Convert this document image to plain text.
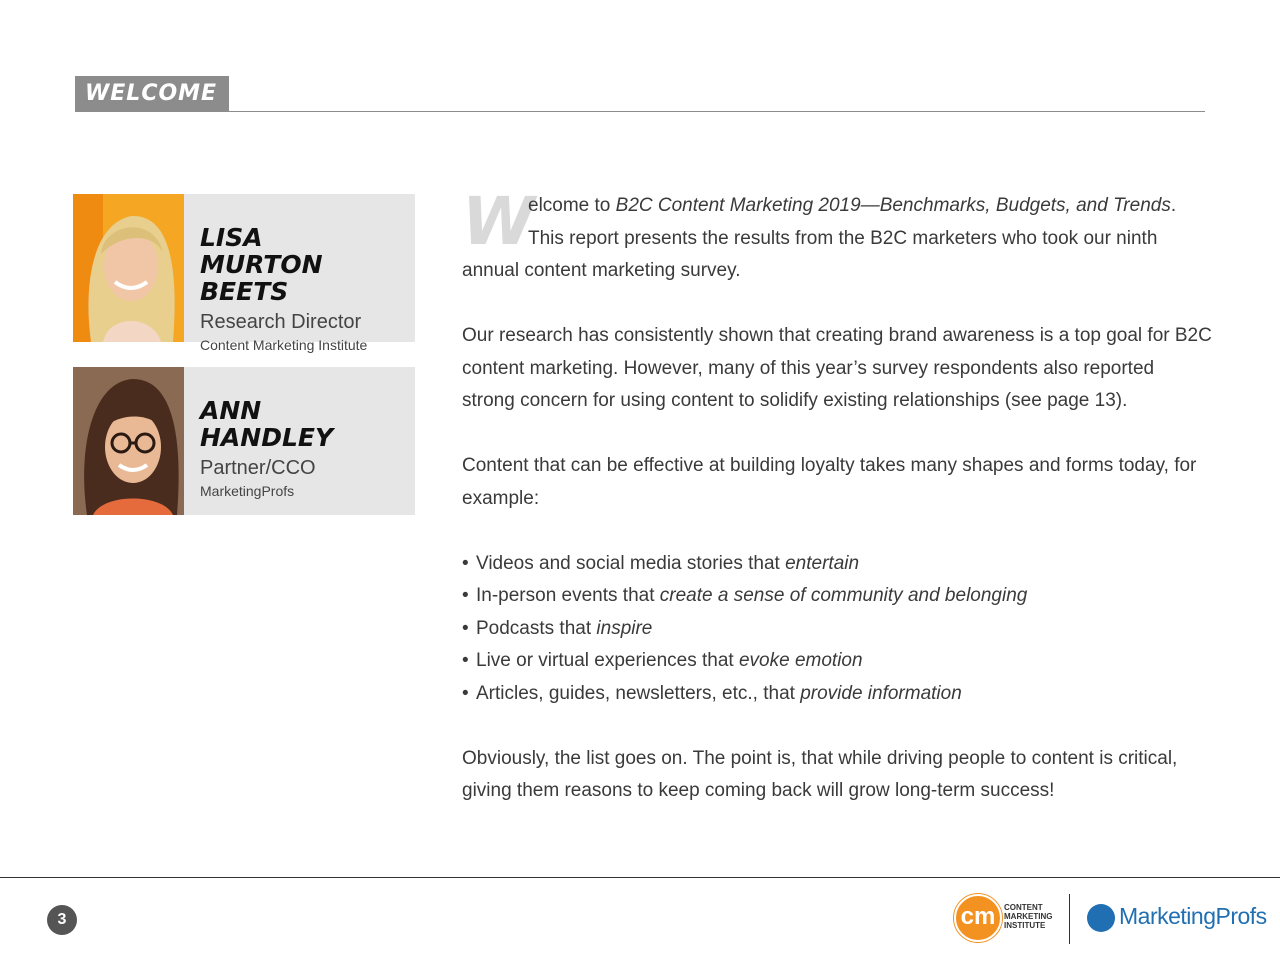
WELCOME
LISA
MURTON BEETS
Research Director
Content Marketing Institute
ANN
HANDLEY
Partner/CCO
MarketingProfs

W
elcome to B2C Content Marketing 2019—Benchmarks, Budgets, and Trends. This report presents the results from the B2C marketers who took our ninth annual content marketing survey.

Our research has consistently shown that creating brand awareness is a top goal for B2C content marketing. However, many of this year’s survey respondents also reported strong concern for using content to solidify existing relationships (see page 13).

Content that can be effective at building loyalty takes many shapes and forms today, for example:

• Videos and social media stories that entertain
• In-person events that create a sense of community and belonging
• Podcasts that inspire
• Live or virtual experiences that evoke emotion
• Articles, guides, newsletters, etc., that provide information

Obviously, the list goes on. The point is, that while driving people to content is critical, giving them reasons to keep coming back will grow long-term success!

3	cm	CONTENT
MARKETING
INSTITUTE	MarketingProfs
